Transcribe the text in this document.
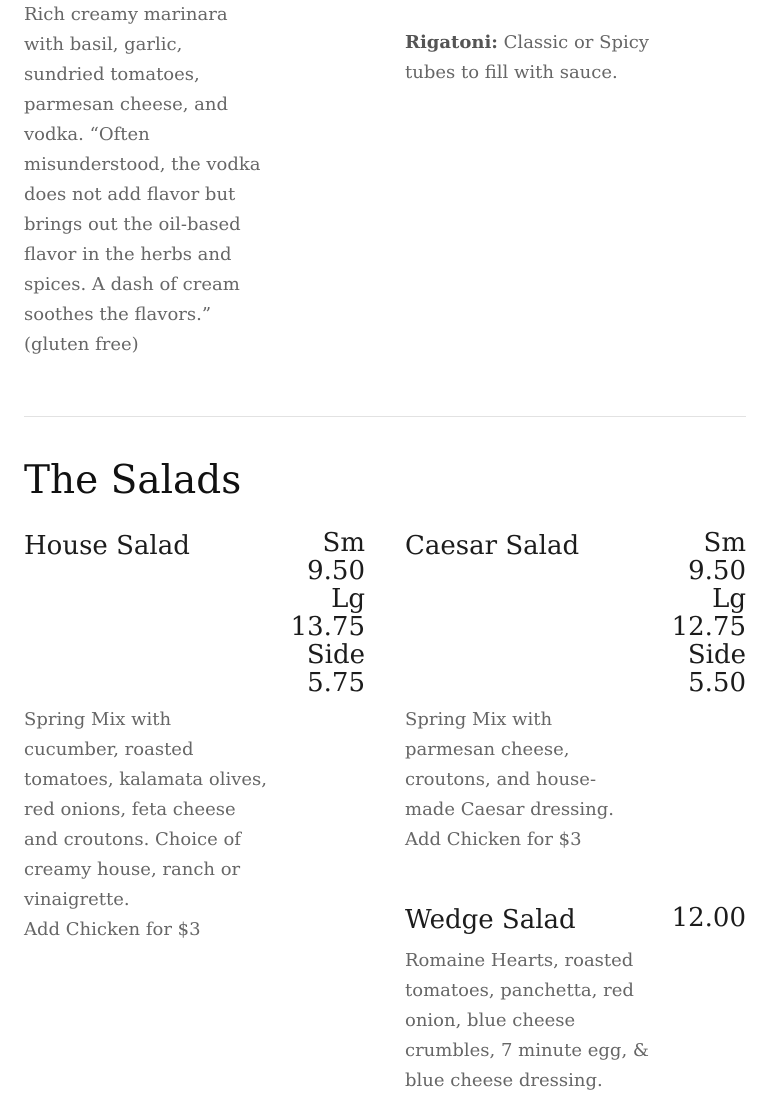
Rich creamy marinara
with basil, garlic,
sundried tomatoes,
parmesan cheese, and
vodka. “Often
misunderstood, the vodka
does not add flavor but
brings out the oil-based
flavor in the herbs and
spices. A dash of cream
soothes the flavors.”
(gluten free)

Rigatoni: Classic or Spicy
tubes to fill with sauce.

The Salads
House Salad	Sm
9.50
Lg
13.75
Side
5.75

Spring Mix with
cucumber, roasted
tomatoes, kalamata olives,
red onions, feta cheese
and croutons. Choice of
creamy house, ranch or
vinaigrette.

Add Chicken for $3

Caesar Salad	Sm
9.50
Lg
12.75
Side
5.50

Spring Mix with
parmesan cheese,
croutons, and house-
made Caesar dressing.

Add Chicken for $3

Wedge Salad	12.00

Romaine Hearts, roasted
tomatoes, panchetta, red
onion, blue cheese
crumbles, 7 minute egg, &
blue cheese dressing.
